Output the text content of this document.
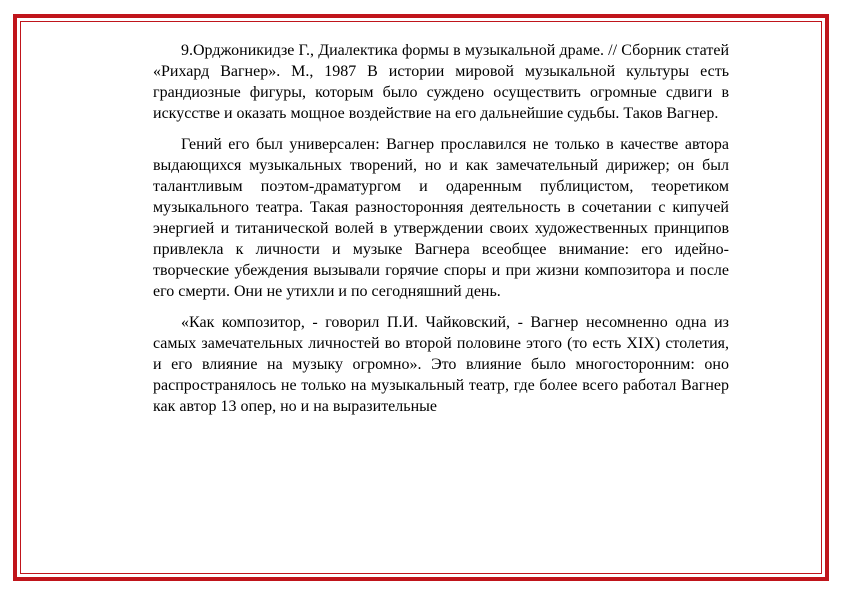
9.Орджоникидзе Г., Диалектика формы в музыкальной драме. // Сборник статей «Рихард Вагнер». М., 1987 В истории мировой музыкальной культуры есть грандиозные фигуры, которым было суждено осуществить огромные сдвиги в искусстве и оказать мощное воздействие на его дальнейшие судьбы. Таков Вагнер.

Гений его был универсален: Вагнер прославился не только в качестве автора выдающихся музыкальных творений, но и как замечательный дирижер; он был талантливым поэтом-драматургом и одаренным публицистом, теоретиком музыкального театра. Такая разносторонняя деятельность в сочетании с кипучей энергией и титанической волей в утверждении своих художественных принципов привлекла к личности и музыке Вагнера всеобщее внимание: его идейно-творческие убеждения вызывали горячие споры и при жизни композитора и после его смерти. Они не утихли и по сегодняшний день.

«Как композитор, - говорил П.И. Чайковский, - Вагнер несомненно одна из самых замечательных личностей во второй половине этого (то есть XIX) столетия, и его влияние на музыку огромно». Это влияние было многосторонним: оно распространялось не только на музыкальный театр, где более всего работал Вагнер как автор 13 опер, но и на выразительные
